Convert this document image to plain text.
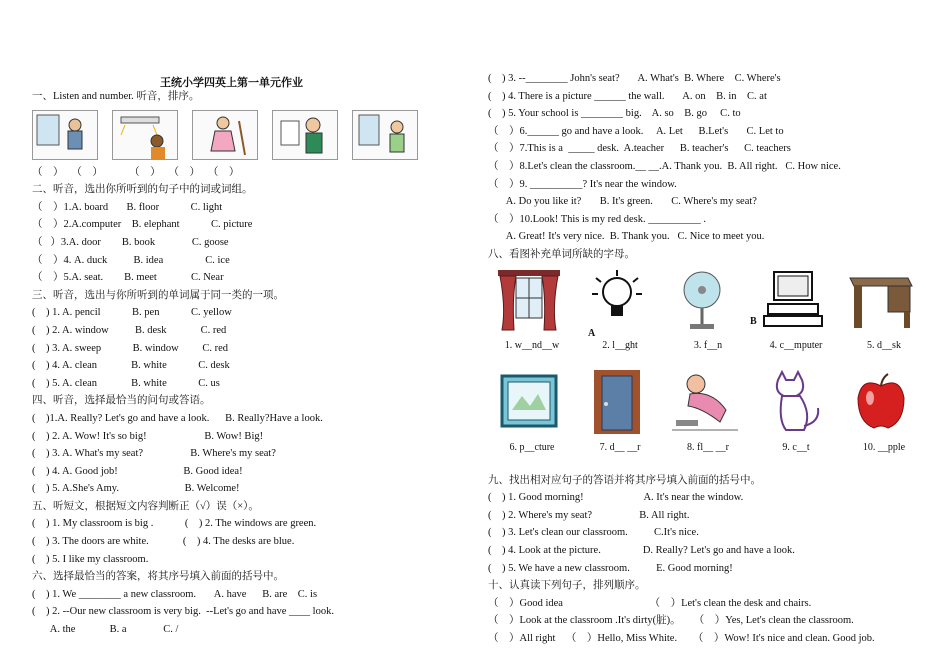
王统小学四英上第一单元作业
一、Listen and number. 听音，排序。
（    ）   （    ）          （    ）   （    ）   （    ）
二、听音，选出你所听到的句子中的词或词组。
（    ）1.A. board       B. floor            C. light
（    ）2.A.computer    B. elephant            C. picture
（   ）3.A. door        B. book              C. goose
（    ）4. A. duck          B. idea                C. ice
（    ）5.A. seat.        B. meet             C. Near
三、听音，选出与你所听到的单词属于同一类的一项。
(    ) 1. A. pencil            B. pen            C. yellow
(    ) 2. A. window          B. desk             C. red
(    ) 3. A. sweep            B. window         C. red
(    ) 4. A. clean             B. white            C. desk
(    ) 5. A. clean             B. white            C. us
四、听音，选择最恰当的问句或答语。
(    )1.A. Really? Let's go and have a look.      B. Really?Have a look.
(    ) 2. A. Wow! It's so big!                      B. Wow! Big!
(    ) 3. A. What's my seat?                  B. Where's my seat?
(    ) 4. A. Good job!                         B. Good idea!
(    ) 5. A.She's Amy.                         B. Welcome!
五、听短文，根据短文内容判断正（√）误（×）。
(    ) 1. My classroom is big .            (    ) 2. The windows are green.
(    ) 3. The doors are white.             (    ) 4. The desks are blue.
(    ) 5. I like my classroom.
六、选择最恰当的答案，将其序号填入前面的括号中。
(    ) 1. We ________ a new classroom.       A. have      B. are    C. is
(    ) 2. --Our new classroom is very big.  --Let's go and have ____ look.
A. the             B. a              C. /
(    ) 3. --________ John's seat?       A. What's  B. Where    C. Where's
(    ) 4. There is a picture ______ the wall.       A. on    B. in    C. at
(    ) 5. Your school is ________ big.    A. so    B. go     C. to
（    ）6.______ go and have a look.     A. Let      B.Let's       C. Let to
（    ）7.This is a  _____ desk.  A.teacher      B. teacher's      C. teachers
（    ）8.Let's clean the classroom.__ __.A. Thank you.  B. All right.   C. How nice.
（    ）9. __________? It's near the window.
A. Do you like it?       B. It's green.       C. Where's my seat?
（    ）10.Look! This is my red desk. __________ .
A. Great! It's very nice.  B. Thank you.   C. Nice to meet you.
八、看图补充单词所缺的字母。
1. w__nd__w
A
2. l__ght	3. f__n
B
4. c__mputer	5. d__sk
6. p__cture	7. d__ __r	8. fl__ __r	9. c__t	10. __pple
九、找出相对应句子的答语并将其序号填入前面的括号中。
(    ) 1. Good morning!                       A. It's near the window.
(    ) 2. Where's my seat?                  B. All right.
(    ) 3. Let's clean our classroom.          C.It's nice.
(    ) 4. Look at the picture.                D. Really? Let's go and have a look.
(    ) 5. We have a new classroom.          E. Good morning!
十、认真读下列句子，排列顺序。
（    ）Good idea                                 （    ）Let's clean the desk and chairs.
（    ）Look at the classroom .It's dirty(脏)。     （    ）Yes, Let's clean the classroom.
（    ）All right    （    ）Hello, Miss White.      （    ）Wow! It's nice and clean. Good job.
